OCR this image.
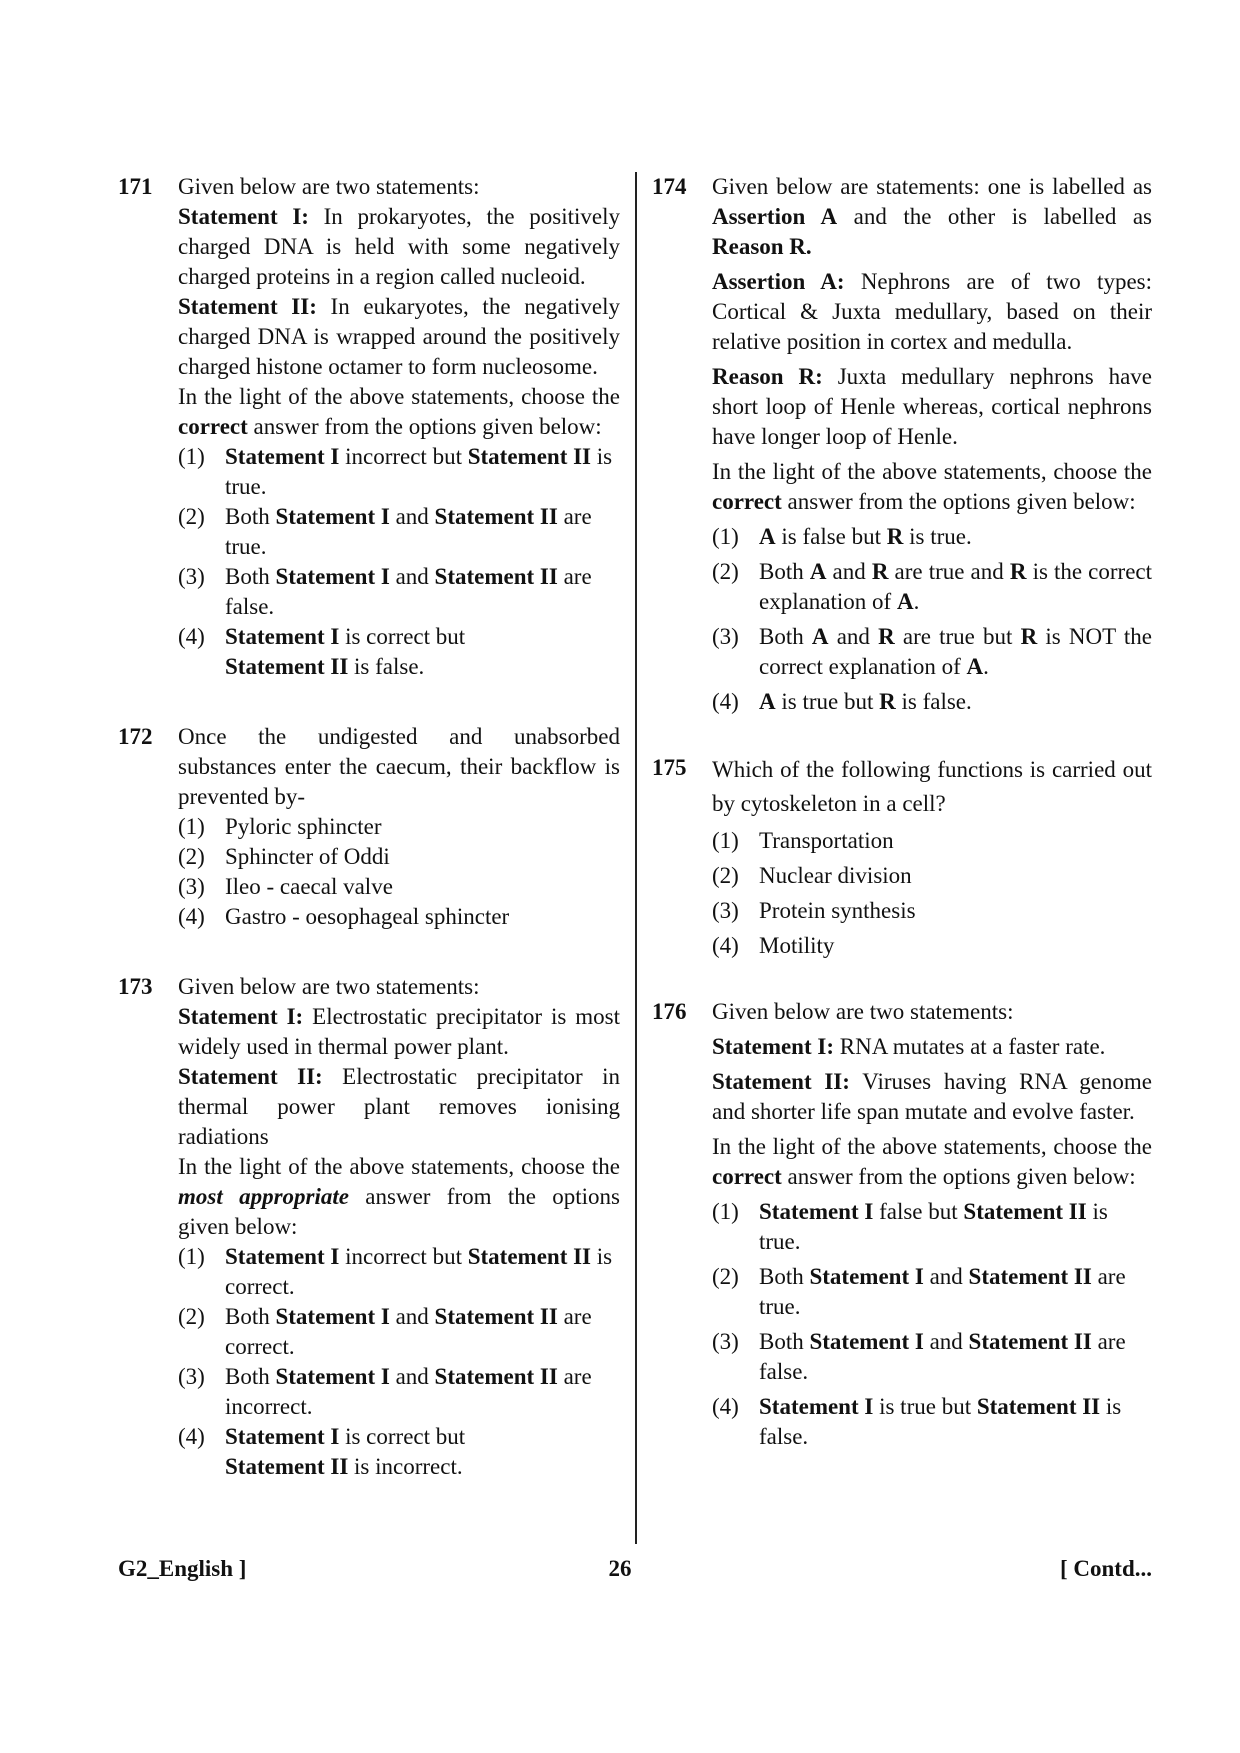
171 Given below are two statements:
Statement I: In prokaryotes, the positively charged DNA is held with some negatively charged proteins in a region called nucleoid.
Statement II: In eukaryotes, the negatively charged DNA is wrapped around the positively charged histone octamer to form nucleosome.
In the light of the above statements, choose the correct answer from the options given below:
(1) Statement I incorrect but Statement II is true.
(2) Both Statement I and Statement II are true.
(3) Both Statement I and Statement II are false.
(4) Statement I is correct but
Statement II is false.
172 Once the undigested and unabsorbed substances enter the caecum, their backflow is prevented by-
(1) Pyloric sphincter
(2) Sphincter of Oddi
(3) Ileo - caecal valve
(4) Gastro - oesophageal sphincter
173 Given below are two statements:
Statement I: Electrostatic precipitator is most widely used in thermal power plant.
Statement II: Electrostatic precipitator in thermal power plant removes ionising radiations
In the light of the above statements, choose the most appropriate answer from the options given below:
(1) Statement I incorrect but Statement II is correct.
(2) Both Statement I and Statement II are correct.
(3) Both Statement I and Statement II are incorrect.
(4) Statement I is correct but
Statement II is incorrect.
174 Given below are statements: one is labelled as Assertion A and the other is labelled as Reason R.
Assertion A: Nephrons are of two types: Cortical & Juxta medullary, based on their relative position in cortex and medulla.
Reason R: Juxta medullary nephrons have short loop of Henle whereas, cortical nephrons have longer loop of Henle.
In the light of the above statements, choose the correct answer from the options given below:
(1) A is false but R is true.
(2) Both A and R are true and R is the correct explanation of A.
(3) Both A and R are true but R is NOT the correct explanation of A.
(4) A is true but R is false.
175 Which of the following functions is carried out by cytoskeleton in a cell?
(1) Transportation
(2) Nuclear division
(3) Protein synthesis
(4) Motility
176 Given below are two statements:
Statement I: RNA mutates at a faster rate.
Statement II: Viruses having RNA genome and shorter life span mutate and evolve faster.
In the light of the above statements, choose the correct answer from the options given below:
(1) Statement I false but Statement II is true.
(2) Both Statement I and Statement II are true.
(3) Both Statement I and Statement II are false.
(4) Statement I is true but Statement II is false.
G2_English ]	26	[ Contd...
